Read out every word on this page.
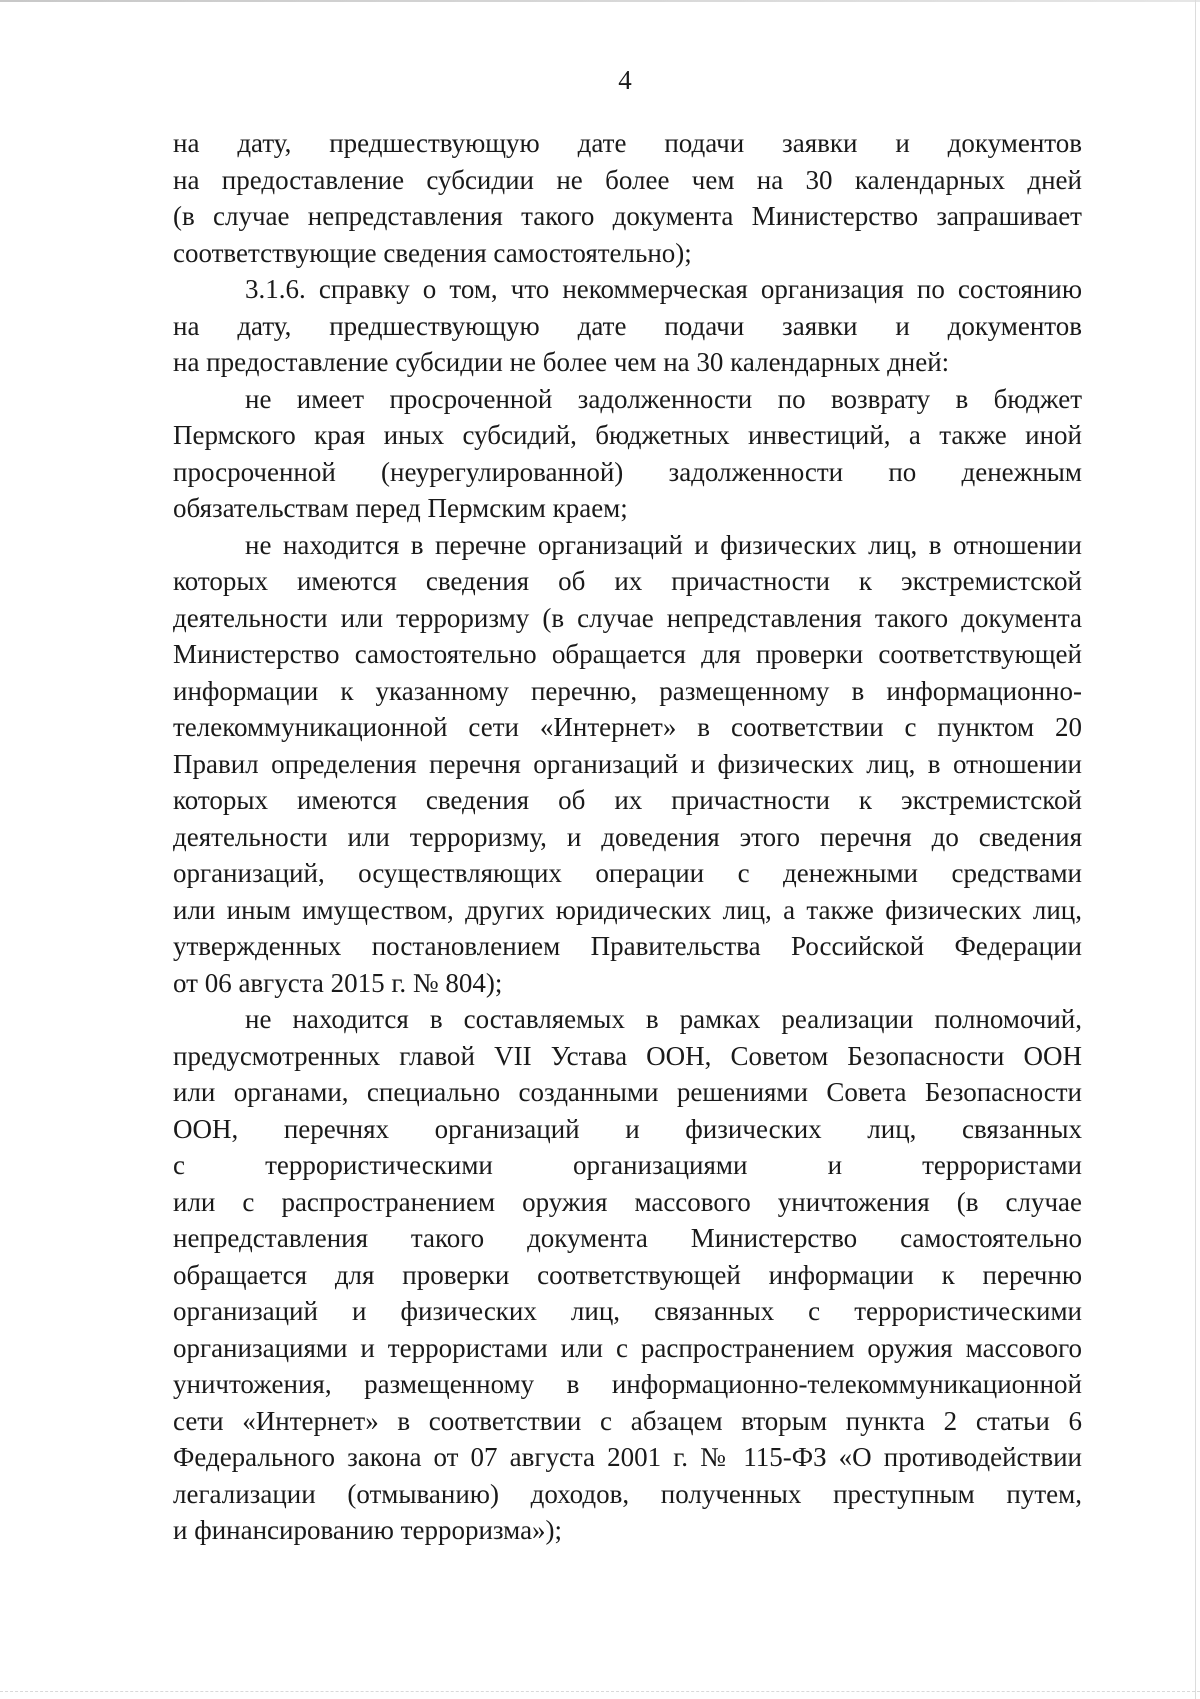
4
на дату, предшествующую дате подачи заявки и документов
на предоставление субсидии не более чем на 30 календарных дней
(в случае непредставления такого документа Министерство запрашивает
соответствующие сведения самостоятельно);
3.1.6. справку о том, что некоммерческая организация по состоянию
на дату, предшествующую дате подачи заявки и документов
на предоставление субсидии не более чем на 30 календарных дней:
не имеет просроченной задолженности по возврату в бюджет
Пермского края иных субсидий, бюджетных инвестиций, а также иной
просроченной (неурегулированной) задолженности по денежным
обязательствам перед Пермским краем;
не находится в перечне организаций и физических лиц, в отношении
которых имеются сведения об их причастности к экстремистской
деятельности или терроризму (в случае непредставления такого документа
Министерство самостоятельно обращается для проверки соответствующей
информации к указанному перечню, размещенному в информационно-
телекоммуникационной сети «Интернет» в соответствии с пунктом 20
Правил определения перечня организаций и физических лиц, в отношении
которых имеются сведения об их причастности к экстремистской
деятельности или терроризму, и доведения этого перечня до сведения
организаций, осуществляющих операции с денежными средствами
или иным имуществом, других юридических лиц, а также физических лиц,
утвержденных постановлением Правительства Российской Федерации
от 06 августа 2015 г. № 804);
не находится в составляемых в рамках реализации полномочий,
предусмотренных главой VII Устава ООН, Советом Безопасности ООН
или органами, специально созданными решениями Совета Безопасности
ООН, перечнях организаций и физических лиц, связанных
с террористическими организациями и террористами
или с распространением оружия массового уничтожения (в случае
непредставления такого документа Министерство самостоятельно
обращается для проверки соответствующей информации к перечню
организаций и физических лиц, связанных с террористическими
организациями и террористами или с распространением оружия массового
уничтожения, размещенному в информационно-телекоммуникационной
сети «Интернет» в соответствии с абзацем вторым пункта 2 статьи 6
Федерального закона от 07 августа 2001 г. № 115-ФЗ «О противодействии
легализации (отмыванию) доходов, полученных преступным путем,
и финансированию терроризма»);
